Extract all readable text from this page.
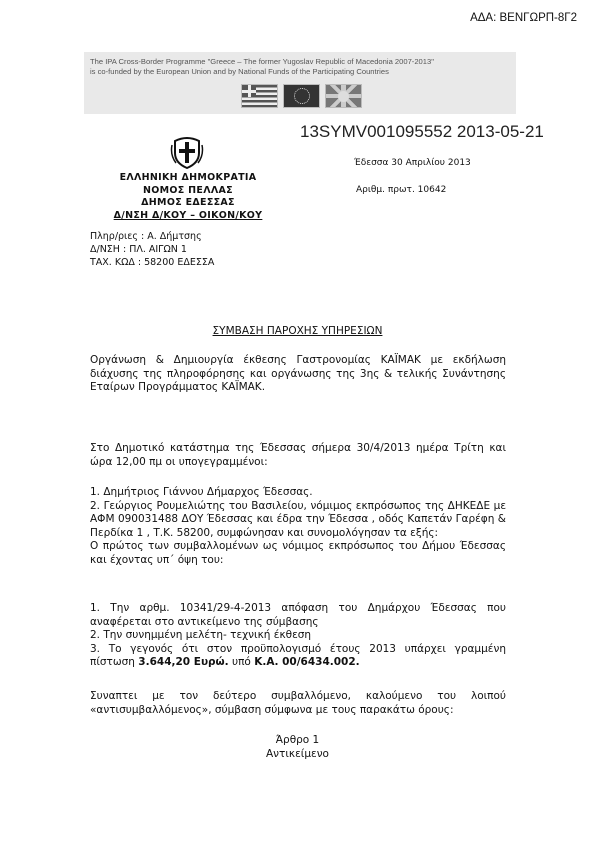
ΑΔΑ: ΒΕΝΓΩΡΠ-8Γ2
The IPA Cross-Border Programme "Greece – The former Yugoslav Republic of Macedonia 2007-2013"
is co-funded by the European Union and by National Funds of the Participating Countries
13SYMV001095552 2013-05-21
ΕΛΛΗΝΙΚΗ ΔΗΜΟΚΡΑΤΙΑ
ΝΟΜΟΣ ΠΕΛΛΑΣ
ΔΗΜΟΣ ΕΔΕΣΣΑΣ
Δ/ΝΣΗ Δ/ΚΟΥ – ΟΙΚΟΝ/ΚΟΥ
Έδεσσα 30 Απριλίου 2013
Αριθμ. πρωτ. 10642
Πληρ/ριες : Α. Δήμτσης
Δ/ΝΣΗ : ΠΛ. ΑΙΓΩΝ 1
ΤΑΧ. ΚΩΔ : 58200 ΕΔΕΣΣΑ
ΣΥΜΒΑΣΗ ΠΑΡΟΧΗΣ ΥΠΗΡΕΣΙΩΝ

Οργάνωση & Δημιουργία έκθεσης Γαστρονομίας ΚΑΪΜΑΚ με εκδήλωση διάχυσης της πληροφόρησης και οργάνωσης της 3ης & τελικής Συνάντησης Εταίρων Προγράμματος ΚΑΪΜΑΚ.

Στο Δημοτικό κατάστημα της Έδεσσας σήμερα 30/4/2013 ημέρα Τρίτη και ώρα 12,00 πμ οι υπογεγραμμένοι:

1. Δημήτριος Γιάννου Δήμαρχος Έδεσσας.

2. Γεώργιος Ρουμελιώτης του Βασιλείου, νόμιμος εκπρόσωπος της ΔΗΚΕΔΕ με ΑΦΜ 090031488 ΔΟΥ Έδεσσας και έδρα την Έδεσσα , οδός Καπετάν Γαρέφη & Περδίκα 1 , Τ.Κ. 58200, συμφώνησαν και συνομολόγησαν τα εξής:

Ο πρώτος των συμβαλλομένων ως νόμιμος εκπρόσωπος του Δήμου Έδεσσας και έχοντας υπ΄ όψη του:

1. Την αρθμ. 10341/29-4-2013 απόφαση του Δημάρχου Έδεσσας που αναφέρεται στο αντικείμενο της σύμβασης

2. Την συνημμένη μελέτη- τεχνική έκθεση

3. Το γεγονός ότι στον προϋπολογισμό έτους 2013 υπάρχει γραμμένη πίστωση 3.644,20 Ευρώ. υπό Κ.Α. 00/6434.002.

Συναπτει με τον δεύτερο συμβαλλόμενο, καλούμενο του λοιπού «αντισυμβαλλόμενος», σύμβαση σύμφωνα με τους παρακάτω όρους:

Άρθρο 1
Αντικείμενο
